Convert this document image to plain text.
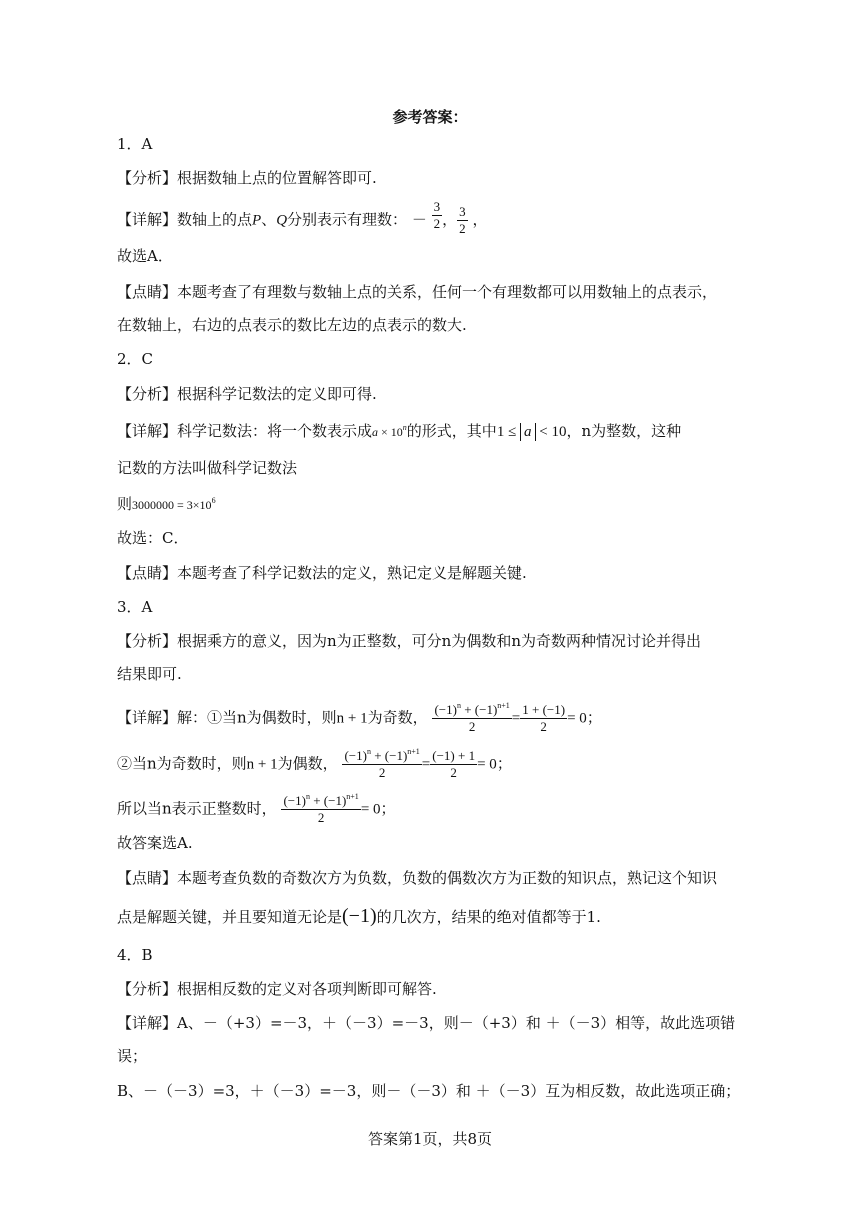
参考答案：
1．A
【分析】根据数轴上点的位置解答即可.
【详解】数轴上的点P、Q分别表示有理数： － $\frac{3}{2}$ ， $\frac{3}{2}$ ，
故选A．
【点睛】本题考查了有理数与数轴上点的关系，任何一个有理数都可以用数轴上的点表示，
在数轴上，右边的点表示的数比左边的点表示的数大.
2．C
【分析】根据科学记数法的定义即可得.
【详解】科学记数法：将一个数表示成$a \times 10^n$的形式，其中1 ≤ a < 10，n为整数，这种
记数的方法叫做科学记数法
则$3000000 = 3\times 10^6$
故选：C．
【点睛】本题考查了科学记数法的定义，熟记定义是解题关键.
3．A
【分析】根据乘方的意义，因为n为正整数，可分n为偶数和n为奇数两种情况讨论并得出
结果即可.
【详解】解：①当n为偶数时，则n + 1为奇数， $\frac{(-1)^n + (-1)^{n+1}}{2} = \frac{1 + (-1)}{2} = 0$；
②当n为奇数时，则n + 1为偶数， $\frac{(-1)^n + (-1)^{n+1}}{2} = \frac{(-1) + 1}{2} = 0$；
所以当n表示正整数时， $\frac{(-1)^n + (-1)^{n+1}}{2} = 0$；
故答案选A.
【点睛】本题考查负数的奇数次方为负数，负数的偶数次方为正数的知识点，熟记这个知识
点是解题关键，并且要知道无论是(−1)的几次方，结果的绝对值都等于1.
4．B
【分析】根据相反数的定义对各项判断即可解答.
【详解】A、－（+3）=－3，＋（－3）=－3，则－（+3）和 ＋（－3）相等，故此选项错
误；
B、－（－3）=3，＋（－3）=－3，则－（－3）和 ＋（－3）互为相反数，故此选项正确；
答案第1页，共8页
